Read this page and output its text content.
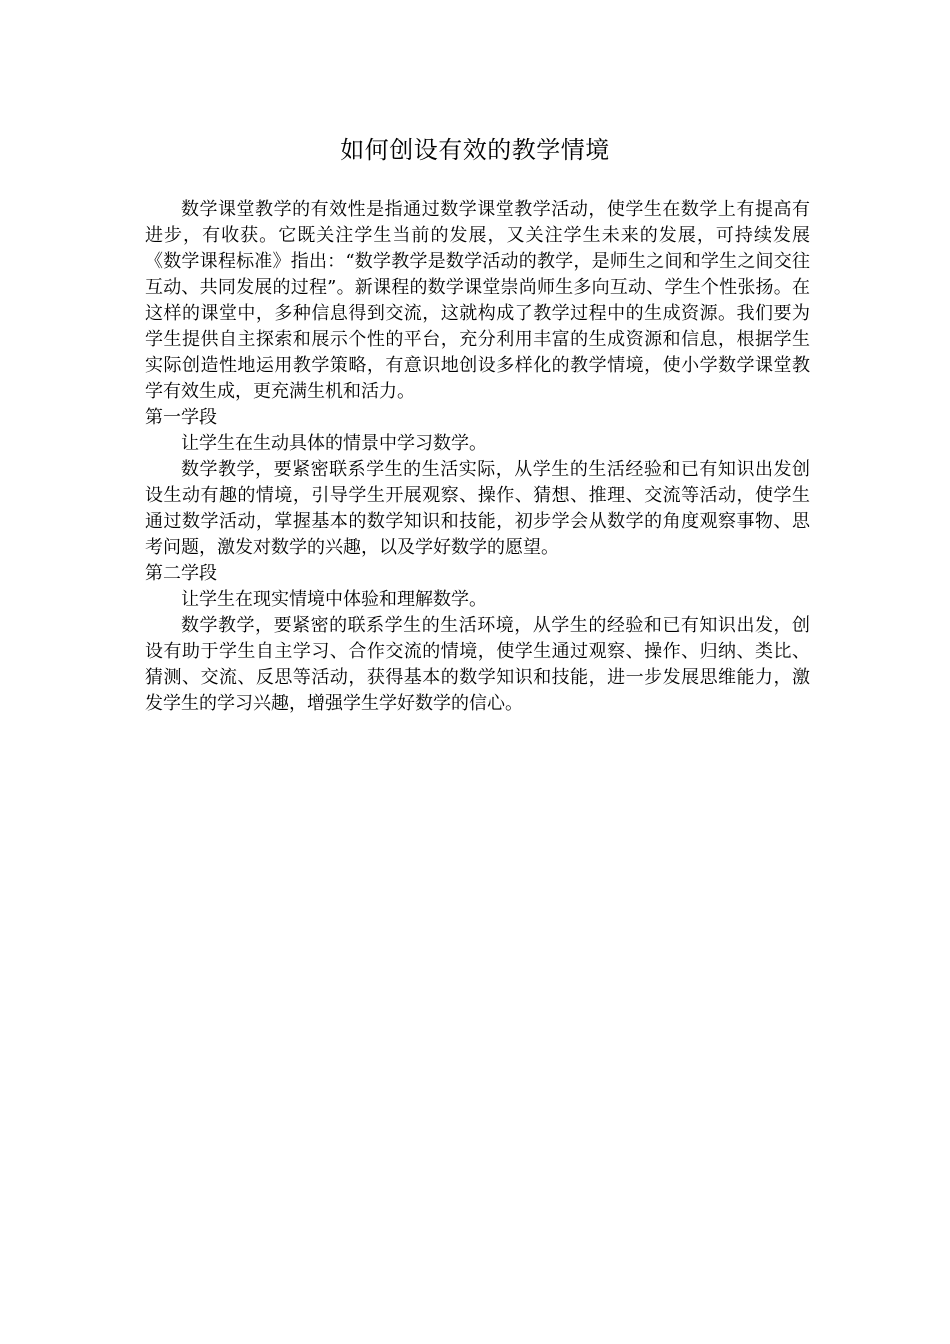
如何创设有效的教学情境

数学课堂教学的有效性是指通过数学课堂教学活动，使学生在数学上有提高有进步，有收获。它既关注学生当前的发展，又关注学生未来的发展，可持续发展《数学课程标准》指出：“数学教学是数学活动的教学，是师生之间和学生之间交往互动、共同发展的过程”。新课程的数学课堂崇尚师生多向互动、学生个性张扬。在这样的课堂中，多种信息得到交流，这就构成了教学过程中的生成资源。我们要为学生提供自主探索和展示个性的平台，充分利用丰富的生成资源和信息，根据学生实际创造性地运用教学策略，有意识地创设多样化的教学情境，使小学数学课堂教学有效生成，更充满生机和活力。

第一学段

让学生在生动具体的情景中学习数学。

数学教学，要紧密联系学生的生活实际，从学生的生活经验和已有知识出发创设生动有趣的情境，引导学生开展观察、操作、猜想、推理、交流等活动，使学生通过数学活动，掌握基本的数学知识和技能，初步学会从数学的角度观察事物、思考问题，激发对数学的兴趣，以及学好数学的愿望。

第二学段

让学生在现实情境中体验和理解数学。

数学教学，要紧密的联系学生的生活环境，从学生的经验和已有知识出发，创设有助于学生自主学习、合作交流的情境，使学生通过观察、操作、归纳、类比、猜测、交流、反思等活动，获得基本的数学知识和技能，进一步发展思维能力，激发学生的学习兴趣，增强学生学好数学的信心。
